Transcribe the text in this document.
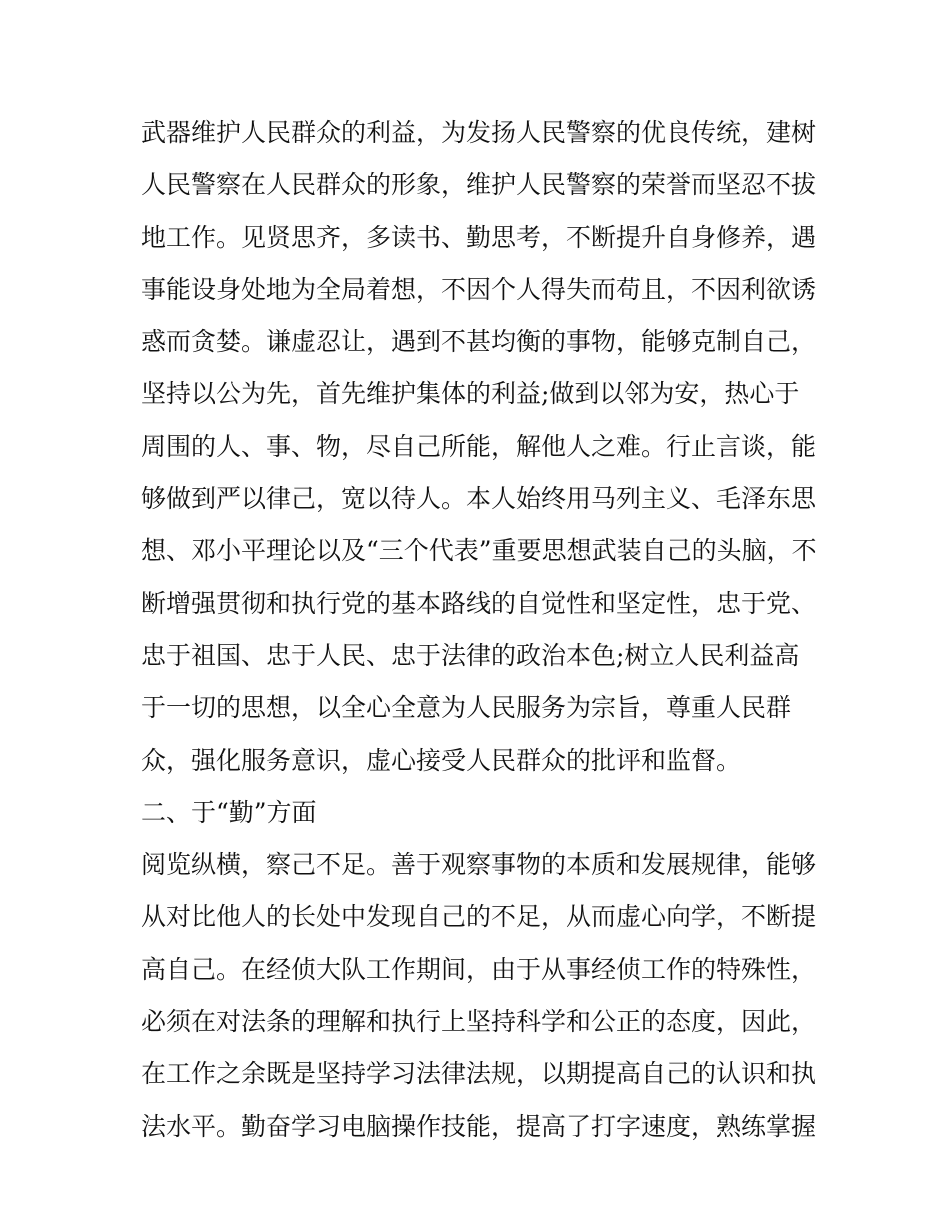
武器维护人民群众的利益，为发扬人民警察的优良传统，建树
人民警察在人民群众的形象，维护人民警察的荣誉而坚忍不拔
地工作。见贤思齐，多读书、勤思考，不断提升自身修养，遇
事能设身处地为全局着想，不因个人得失而苟且，不因利欲诱
惑而贪婪。谦虚忍让，遇到不甚均衡的事物，能够克制自己，
坚持以公为先，首先维护集体的利益;做到以邻为安，热心于
周围的人、事、物，尽自己所能，解他人之难。行止言谈，能
够做到严以律己，宽以待人。本人始终用马列主义、毛泽东思
想、邓小平理论以及“三个代表”重要思想武装自己的头脑，不
断增强贯彻和执行党的基本路线的自觉性和坚定性，忠于党、
忠于祖国、忠于人民、忠于法律的政治本色;树立人民利益高
于一切的思想，以全心全意为人民服务为宗旨，尊重人民群
众，强化服务意识，虚心接受人民群众的批评和监督。
二、于“勤”方面
阅览纵横，察己不足。善于观察事物的本质和发展规律，能够
从对比他人的长处中发现自己的不足，从而虚心向学，不断提
高自己。在经侦大队工作期间，由于从事经侦工作的特殊性，
必须在对法条的理解和执行上坚持科学和公正的态度，因此，
在工作之余既是坚持学习法律法规，以期提高自己的认识和执
法水平。勤奋学习电脑操作技能，提高了打字速度，熟练掌握
